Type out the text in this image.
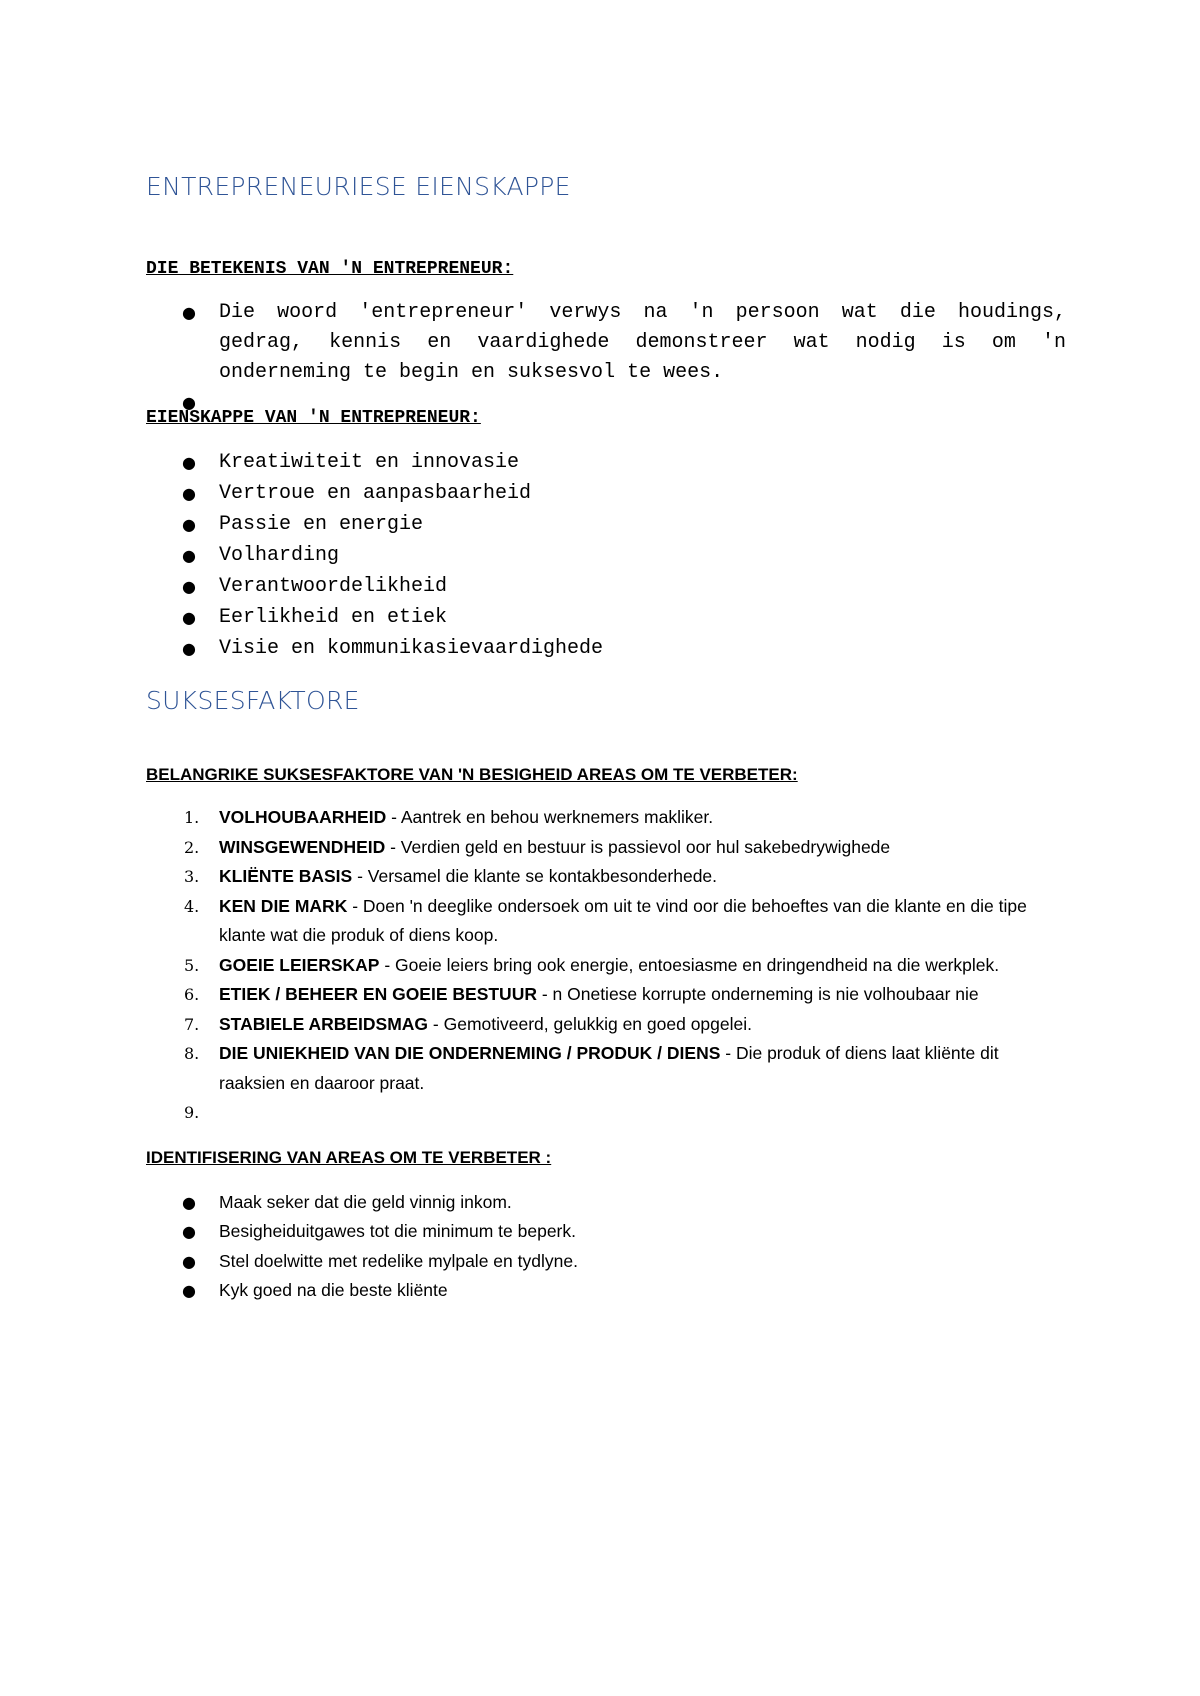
ENTREPRENEURIESE EIENSKAPPE
DIE BETEKENIS VAN 'N ENTREPRENEUR:
● Die woord 'entrepreneur' verwys na 'n persoon wat die houdings, gedrag, kennis en vaardighede demonstreer wat nodig is om 'n onderneming te begin en suksesvol te wees.
●
EIENSKAPPE VAN 'N ENTREPRENEUR:
● Kreatiwiteit en innovasie
● Vertroue en aanpasbaarheid
● Passie en energie
● Volharding
● Verantwoordelikheid
● Eerlikheid en etiek
● Visie en kommunikasievaardighede
SUKSESFAKTORE
BELANGRIKE SUKSESFAKTORE VAN 'N BESIGHEID AREAS OM TE VERBETER:
1. VOLHOUBAARHEID - Aantrek en behou werknemers makliker.
2. WINSGEWENDHEID - Verdien geld en bestuur is passievol oor hul sakebedrywighede
3. KLIËNTE BASIS - Versamel die klante se kontakbesonderhede.
4. KEN DIE MARK - Doen 'n deeglike ondersoek om uit te vind oor die behoeftes van die klante en die tipe klante wat die produk of diens koop.
5. GOEIE LEIERSKAP - Goeie leiers bring ook energie, entoesiasme en dringendheid na die werkplek.
6. ETIEK / BEHEER EN GOEIE BESTUUR - n Onetiese korrupte onderneming is nie volhoubaar nie
7. STABIELE ARBEIDSMAG - Gemotiveerd, gelukkig en goed opgelei.
8. DIE UNIEKHEID VAN DIE ONDERNEMING / PRODUK / DIENS - Die produk of diens laat kliënte dit raaksien en daaroor praat.
9.

IDENTIFISERING VAN AREAS OM TE VERBETER :
● Maak seker dat die geld vinnig inkom.
● Besigheiduitgawes tot die minimum te beperk.
● Stel doelwitte met redelike mylpale en tydlyne.
● Kyk goed na die beste kliënte
